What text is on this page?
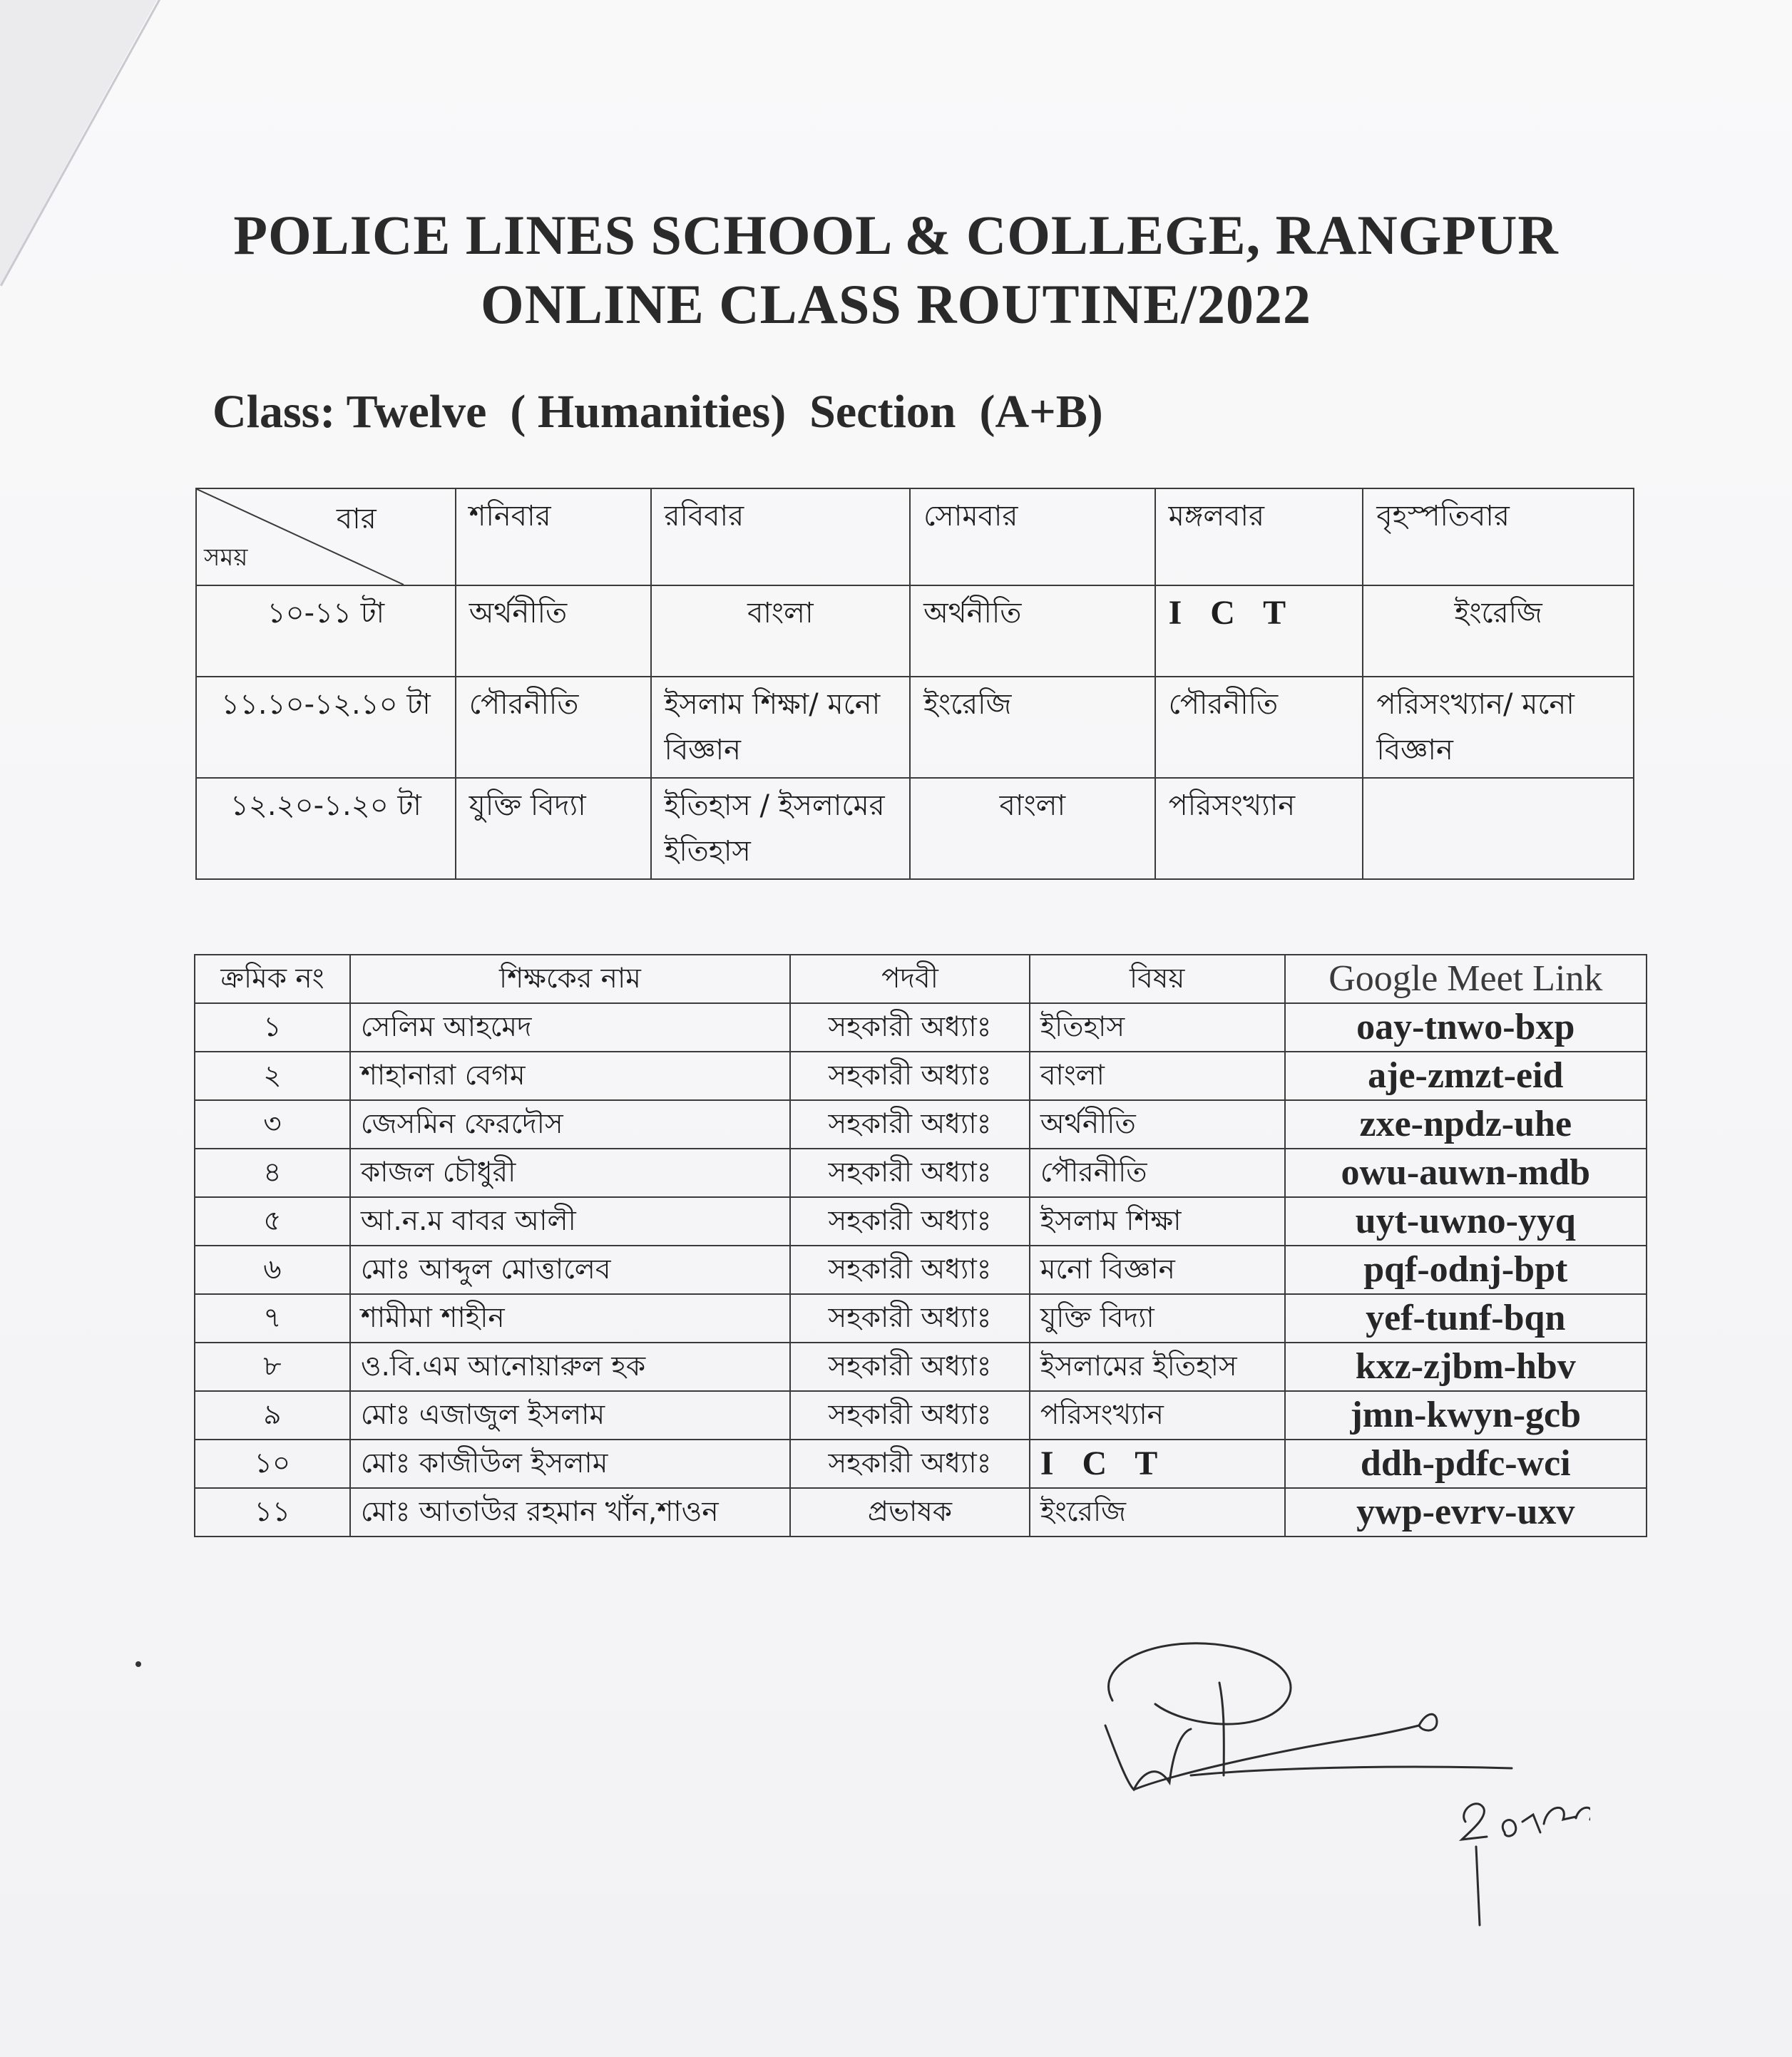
POLICE LINES SCHOOL & COLLEGE, RANGPUR
ONLINE CLASS ROUTINE/2022
Class: Twelve  ( Humanities)  Section  (A+B)
বার
সময়	শনিবার	রবিবার	সোমবার	মঙ্গলবার	বৃহস্পতিবার
১০-১১ টা	অর্থনীতি	বাংলা	অর্থনীতি	I C T	ইংরেজি
১১.১০-১২.১০ টা	পৌরনীতি	ইসলাম শিক্ষা/ মনো বিজ্ঞান	ইংরেজি	পৌরনীতি	পরিসংখ্যান/ মনো বিজ্ঞান
১২.২০-১.২০ টা	যুক্তি বিদ্যা	ইতিহাস / ইসলামের ইতিহাস	বাংলা	পরিসংখ্যান	
ক্রমিক নং	শিক্ষকের নাম	পদবী	বিষয়	Google Meet Link
১	সেলিম আহমেদ	সহকারী অধ্যাঃ	ইতিহাস	oay-tnwo-bxp
২	শাহানারা বেগম	সহকারী অধ্যাঃ	বাংলা	aje-zmzt-eid
৩	জেসমিন ফেরদৌস	সহকারী অধ্যাঃ	অর্থনীতি	zxe-npdz-uhe
৪	কাজল চৌধুরী	সহকারী অধ্যাঃ	পৌরনীতি	owu-auwn-mdb
৫	আ.ন.ম বাবর আলী	সহকারী অধ্যাঃ	ইসলাম শিক্ষা	uyt-uwno-yyq
৬	মোঃ আব্দুল মোত্তালেব	সহকারী অধ্যাঃ	মনো বিজ্ঞান	pqf-odnj-bpt
৭	শামীমা শাহীন	সহকারী অধ্যাঃ	যুক্তি বিদ্যা	yef-tunf-bqn
৮	ও.বি.এম আনোয়ারুল হক	সহকারী অধ্যাঃ	ইসলামের ইতিহাস	kxz-zjbm-hbv
৯	মোঃ এজাজুল ইসলাম	সহকারী অধ্যাঃ	পরিসংখ্যান	jmn-kwyn-gcb
১০	মোঃ কাজীউল ইসলাম	সহকারী অধ্যাঃ	I C T	ddh-pdfc-wci
১১	মোঃ আতাউর রহমান খাঁন,শাওন	প্রভাষক	ইংরেজি	ywp-evrv-uxv
